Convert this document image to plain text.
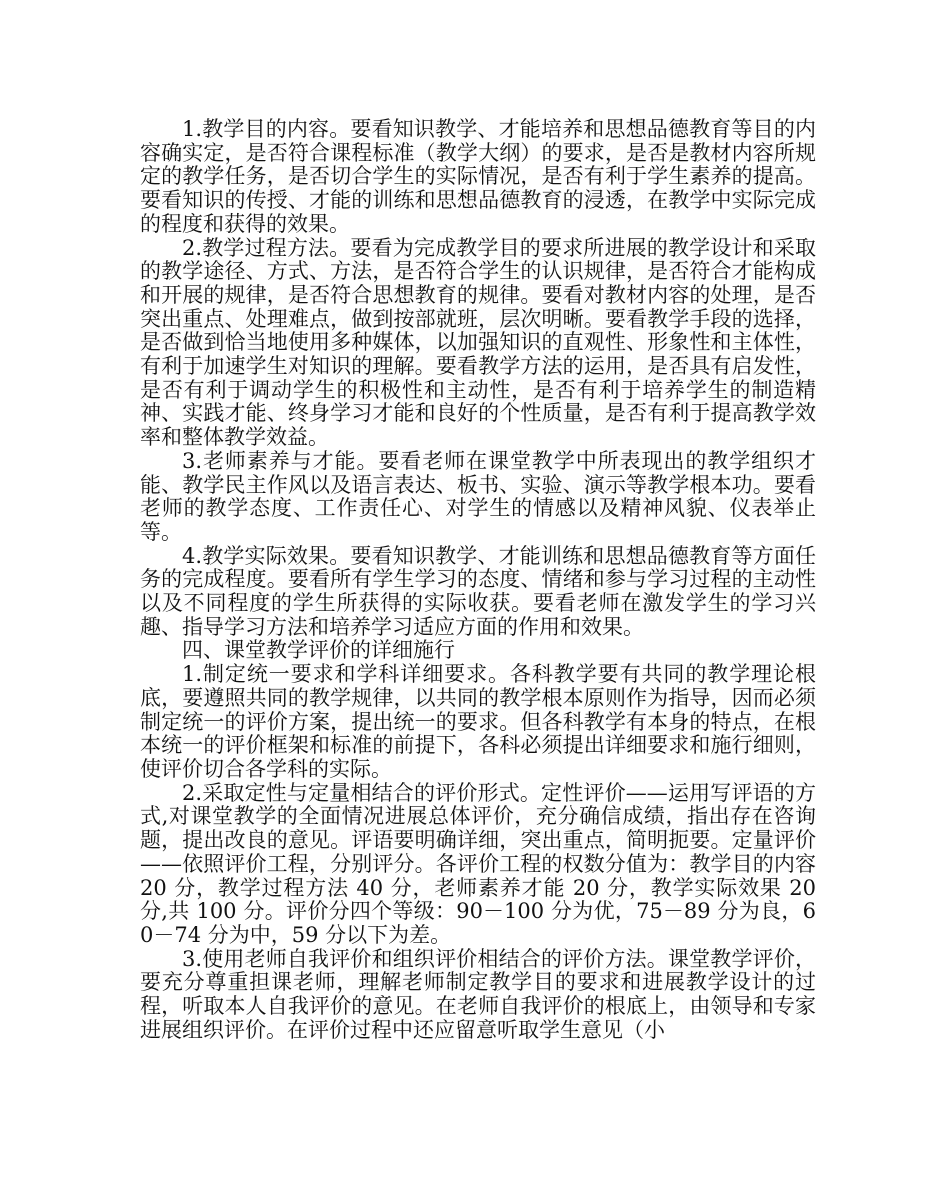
1.教学目的内容。要看知识教学、才能培养和思想品德教育等目的内容确实定，是否符合课程标准（教学大纲）的要求，是否是教材内容所规定的教学任务，是否切合学生的实际情况，是否有利于学生素养的提高。要看知识的传授、才能的训练和思想品德教育的浸透，在教学中实际完成的程度和获得的效果。

2.教学过程方法。要看为完成教学目的要求所进展的教学设计和采取的教学途径、方式、方法，是否符合学生的认识规律，是否符合才能构成和开展的规律，是否符合思想教育的规律。要看对教材内容的处理，是否突出重点、处理难点，做到按部就班，层次明晰。要看教学手段的选择，是否做到恰当地使用多种媒体，以加强知识的直观性、形象性和主体性，有利于加速学生对知识的理解。要看教学方法的运用，是否具有启发性，是否有利于调动学生的积极性和主动性，是否有利于培养学生的制造精神、实践才能、终身学习才能和良好的个性质量，是否有利于提高教学效率和整体教学效益。

3.老师素养与才能。要看老师在课堂教学中所表现出的教学组织才能、教学民主作风以及语言表达、板书、实验、演示等教学根本功。要看老师的教学态度、工作责任心、对学生的情感以及精神风貌、仪表举止等。

4.教学实际效果。要看知识教学、才能训练和思想品德教育等方面任务的完成程度。要看所有学生学习的态度、情绪和参与学习过程的主动性以及不同程度的学生所获得的实际收获。要看老师在激发学生的学习兴趣、指导学习方法和培养学习适应方面的作用和效果。

四、课堂教学评价的详细施行

1.制定统一要求和学科详细要求。各科教学要有共同的教学理论根底，要遵照共同的教学规律，以共同的教学根本原则作为指导，因而必须制定统一的评价方案，提出统一的要求。但各科教学有本身的特点，在根本统一的评价框架和标准的前提下，各科必须提出详细要求和施行细则，使评价切合各学科的实际。

2.采取定性与定量相结合的评价形式。定性评价——运用写评语的方式,对课堂教学的全面情况进展总体评价，充分确信成绩，指出存在咨询题，提出改良的意见。评语要明确详细，突出重点，简明扼要。定量评价——依照评价工程，分别评分。各评价工程的权数分值为：教学目的内容 20 分，教学过程方法 40 分，老师素养才能 20 分，教学实际效果 20 分,共 100 分。评价分四个等级：90－100 分为优，75－89 分为良，60－74 分为中，59 分以下为差。

3.使用老师自我评价和组织评价相结合的评价方法。课堂教学评价，要充分尊重担课老师，理解老师制定教学目的要求和进展教学设计的过程，听取本人自我评价的意见。在老师自我评价的根底上，由领导和专家进展组织评价。在评价过程中还应留意听取学生意见（小
